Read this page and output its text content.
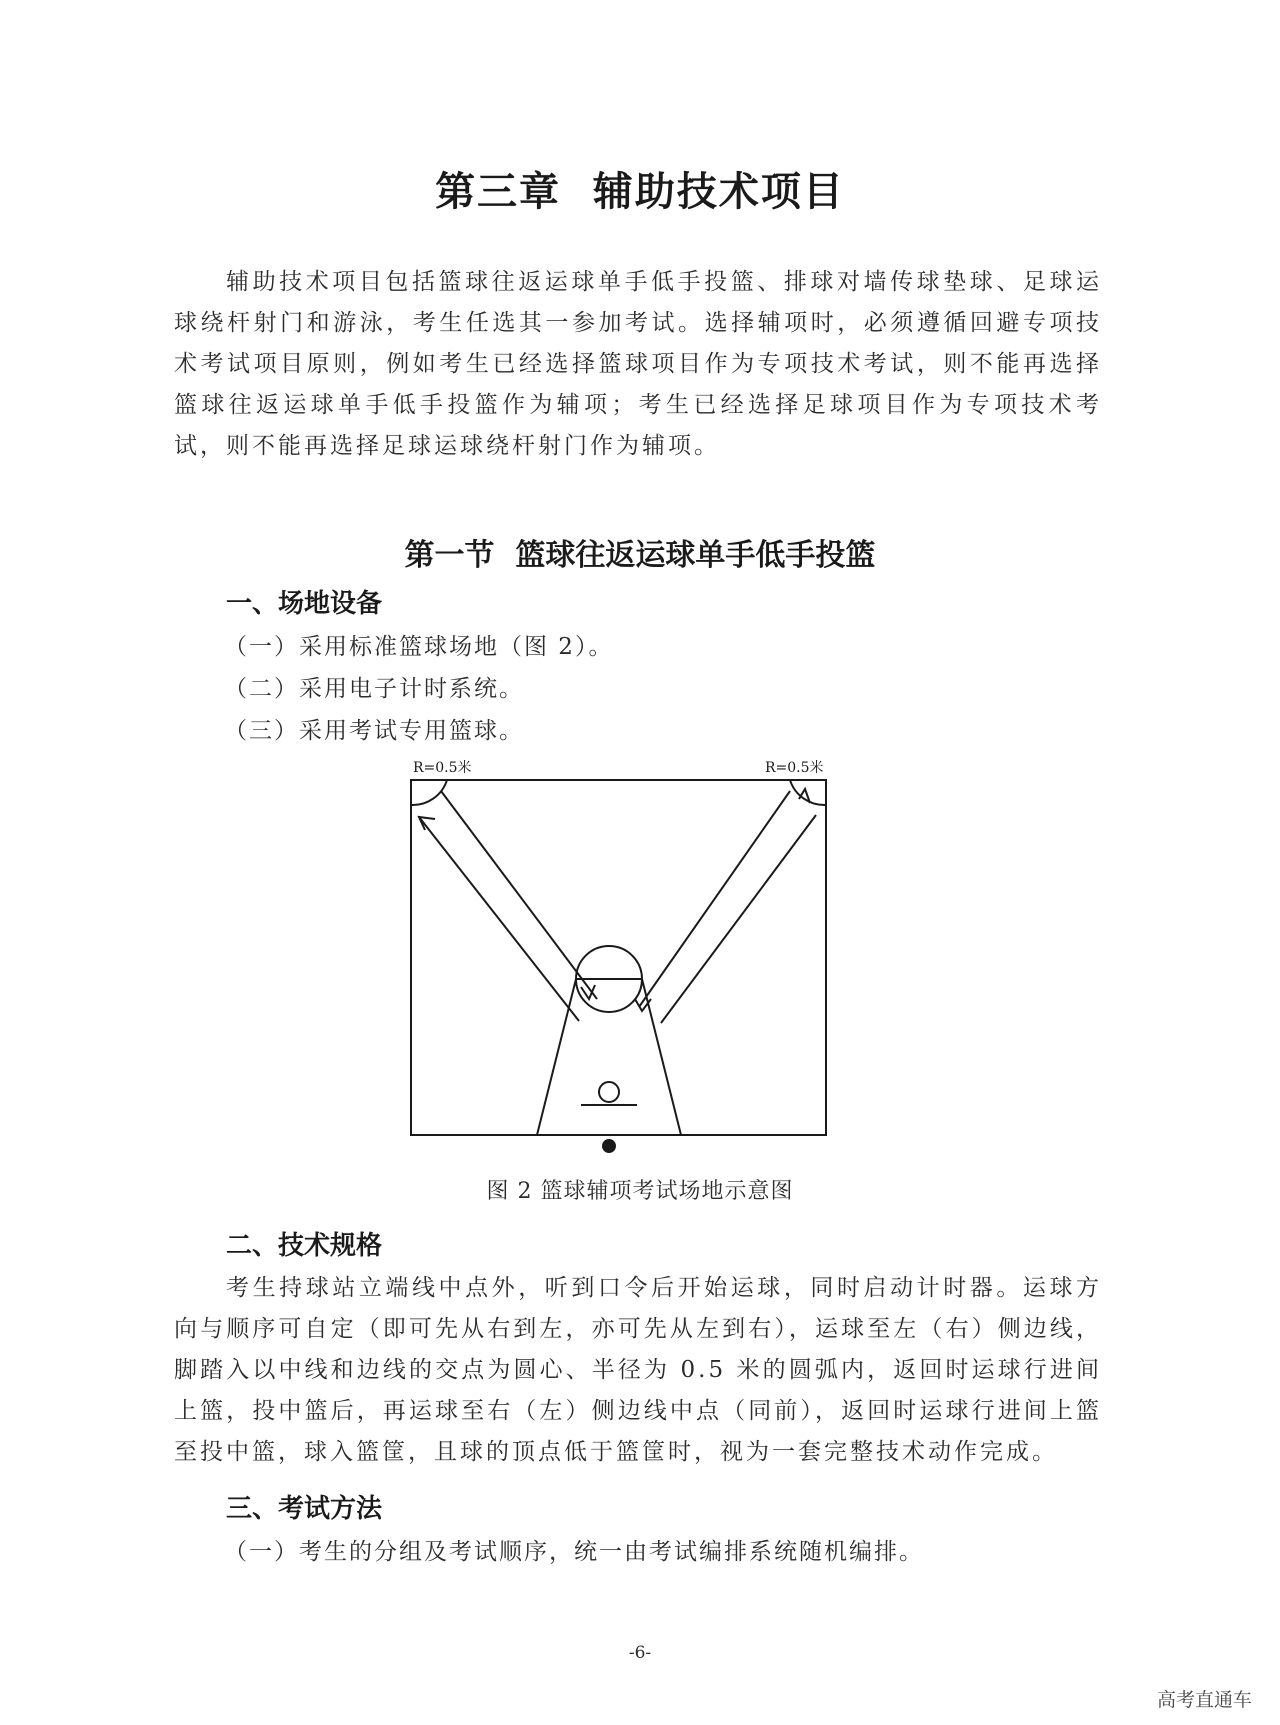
第三章  辅助技术项目

辅助技术项目包括篮球往返运球单手低手投篮、排球对墙传球垫球、足球运球绕杆射门和游泳，考生任选其一参加考试。选择辅项时，必须遵循回避专项技术考试项目原则，例如考生已经选择篮球项目作为专项技术考试，则不能再选择篮球往返运球单手低手投篮作为辅项；考生已经选择足球项目作为专项技术考试，则不能再选择足球运球绕杆射门作为辅项。

第一节  篮球往返运球单手低手投篮
一、场地设备
（一）采用标准篮球场地（图 2）。
（二）采用电子计时系统。
（三）采用考试专用篮球。
R=0.5米	R=0.5米
图 2 篮球辅项考试场地示意图
二、技术规格

考生持球站立端线中点外，听到口令后开始运球，同时启动计时器。运球方向与顺序可自定（即可先从右到左，亦可先从左到右），运球至左（右）侧边线，脚踏入以中线和边线的交点为圆心、半径为 0.5 米的圆弧内，返回时运球行进间上篮，投中篮后，再运球至右（左）侧边线中点（同前），返回时运球行进间上篮至投中篮，球入篮筐，且球的顶点低于篮筐时，视为一套完整技术动作完成。

三、考试方法
（一）考生的分组及考试顺序，统一由考试编排系统随机编排。
-6-
高考直通车
